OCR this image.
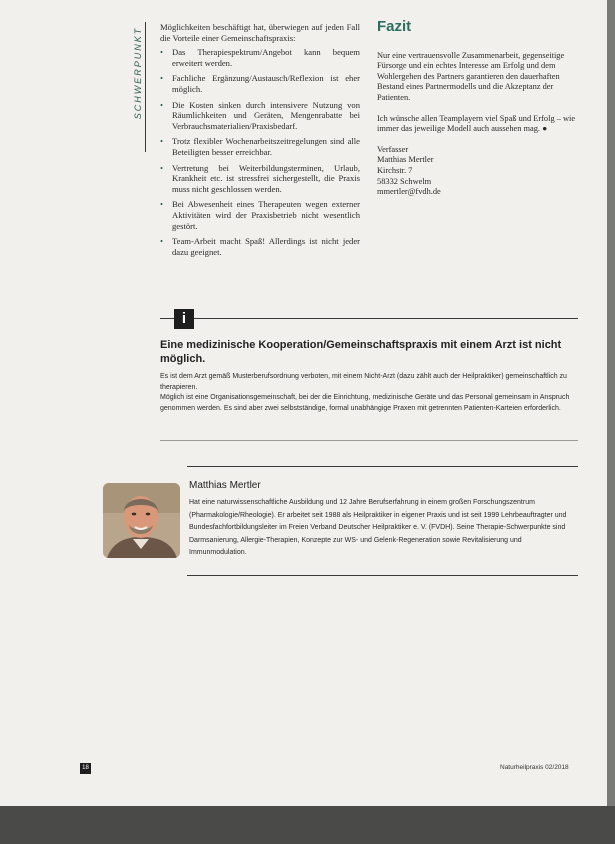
SCHWERPUNKT Möglichkeiten beschäftigt hat, überwiegen auf jeden Fall die Vorteile einer Gemeinschaftspraxis:

• Das Therapiespektrum/Angebot kann bequem erweitert werden.
• Fachliche Ergänzung/Austausch/Reflexion ist eher möglich.
• Die Kosten sinken durch intensivere Nutzung von Räumlichkeiten und Geräten, Mengenrabatte bei Verbrauchsmaterialien/Praxisbedarf.
• Trotz flexibler Wochenarbeitszeitregelungen sind alle Beteiligten besser erreichbar.
• Vertretung bei Weiterbildungsterminen, Urlaub, Krankheit etc. ist stressfrei sichergestellt, die Praxis muss nicht geschlossen werden.
• Bei Abwesenheit eines Therapeuten wegen externer Aktivitäten wird der Praxisbetrieb nicht wesentlich gestört.
• Team-Arbeit macht Spaß! Allerdings ist nicht jeder dazu geeignet.
Fazit

Nur eine vertrauensvolle Zusammenarbeit, gegenseitige Fürsorge und ein echtes Interesse am Erfolg und dem Wohlergehen des Partners garantieren den dauerhaften Bestand eines Partnermodells und die Akzeptanz der Patienten.

Ich wünsche allen Teamplayern viel Spaß und Erfolg – wie immer das jeweilige Modell auch aussehen mag. ●

Verfasser
Matthias Mertler
Kirchstr. 7
58332 Schwelm
mmertler@fvdh.de
i
Eine medizinische Kooperation/Gemeinschaftspraxis mit einem Arzt ist nicht möglich.

Es ist dem Arzt gemäß Musterberufsordnung verboten, mit einem Nicht-Arzt (dazu zählt auch der Heilpraktiker) gemeinschaftlich zu therapieren.

Möglich ist eine Organisationsgemeinschaft, bei der die Einrichtung, medizinische Geräte und das Personal gemeinsam in Anspruch genommen werden. Es sind aber zwei selbstständige, formal unabhängige Praxen mit getrennten Patienten-Karteien erforderlich.

Matthias Mertler
Hat eine naturwissenschaftliche Ausbildung und 12 Jahre Berufserfahrung in einem großen Forschungszentrum (Pharmakologie/Rheologie). Er arbeitet seit 1988 als Heilpraktiker in eigener Praxis und ist seit 1999 Lehrbeauftragter und Bundesfachfortbildungsleiter im Freien Verband Deutscher Heilpraktiker e. V. (FVDH). Seine Therapie-Schwerpunkte sind Darmsanierung, Allergie-Therapien, Konzepte zur WS- und Gelenk-Regeneration sowie Revitalisierung und Immunmodulation.
18	Naturheilpraxis 02/2018
